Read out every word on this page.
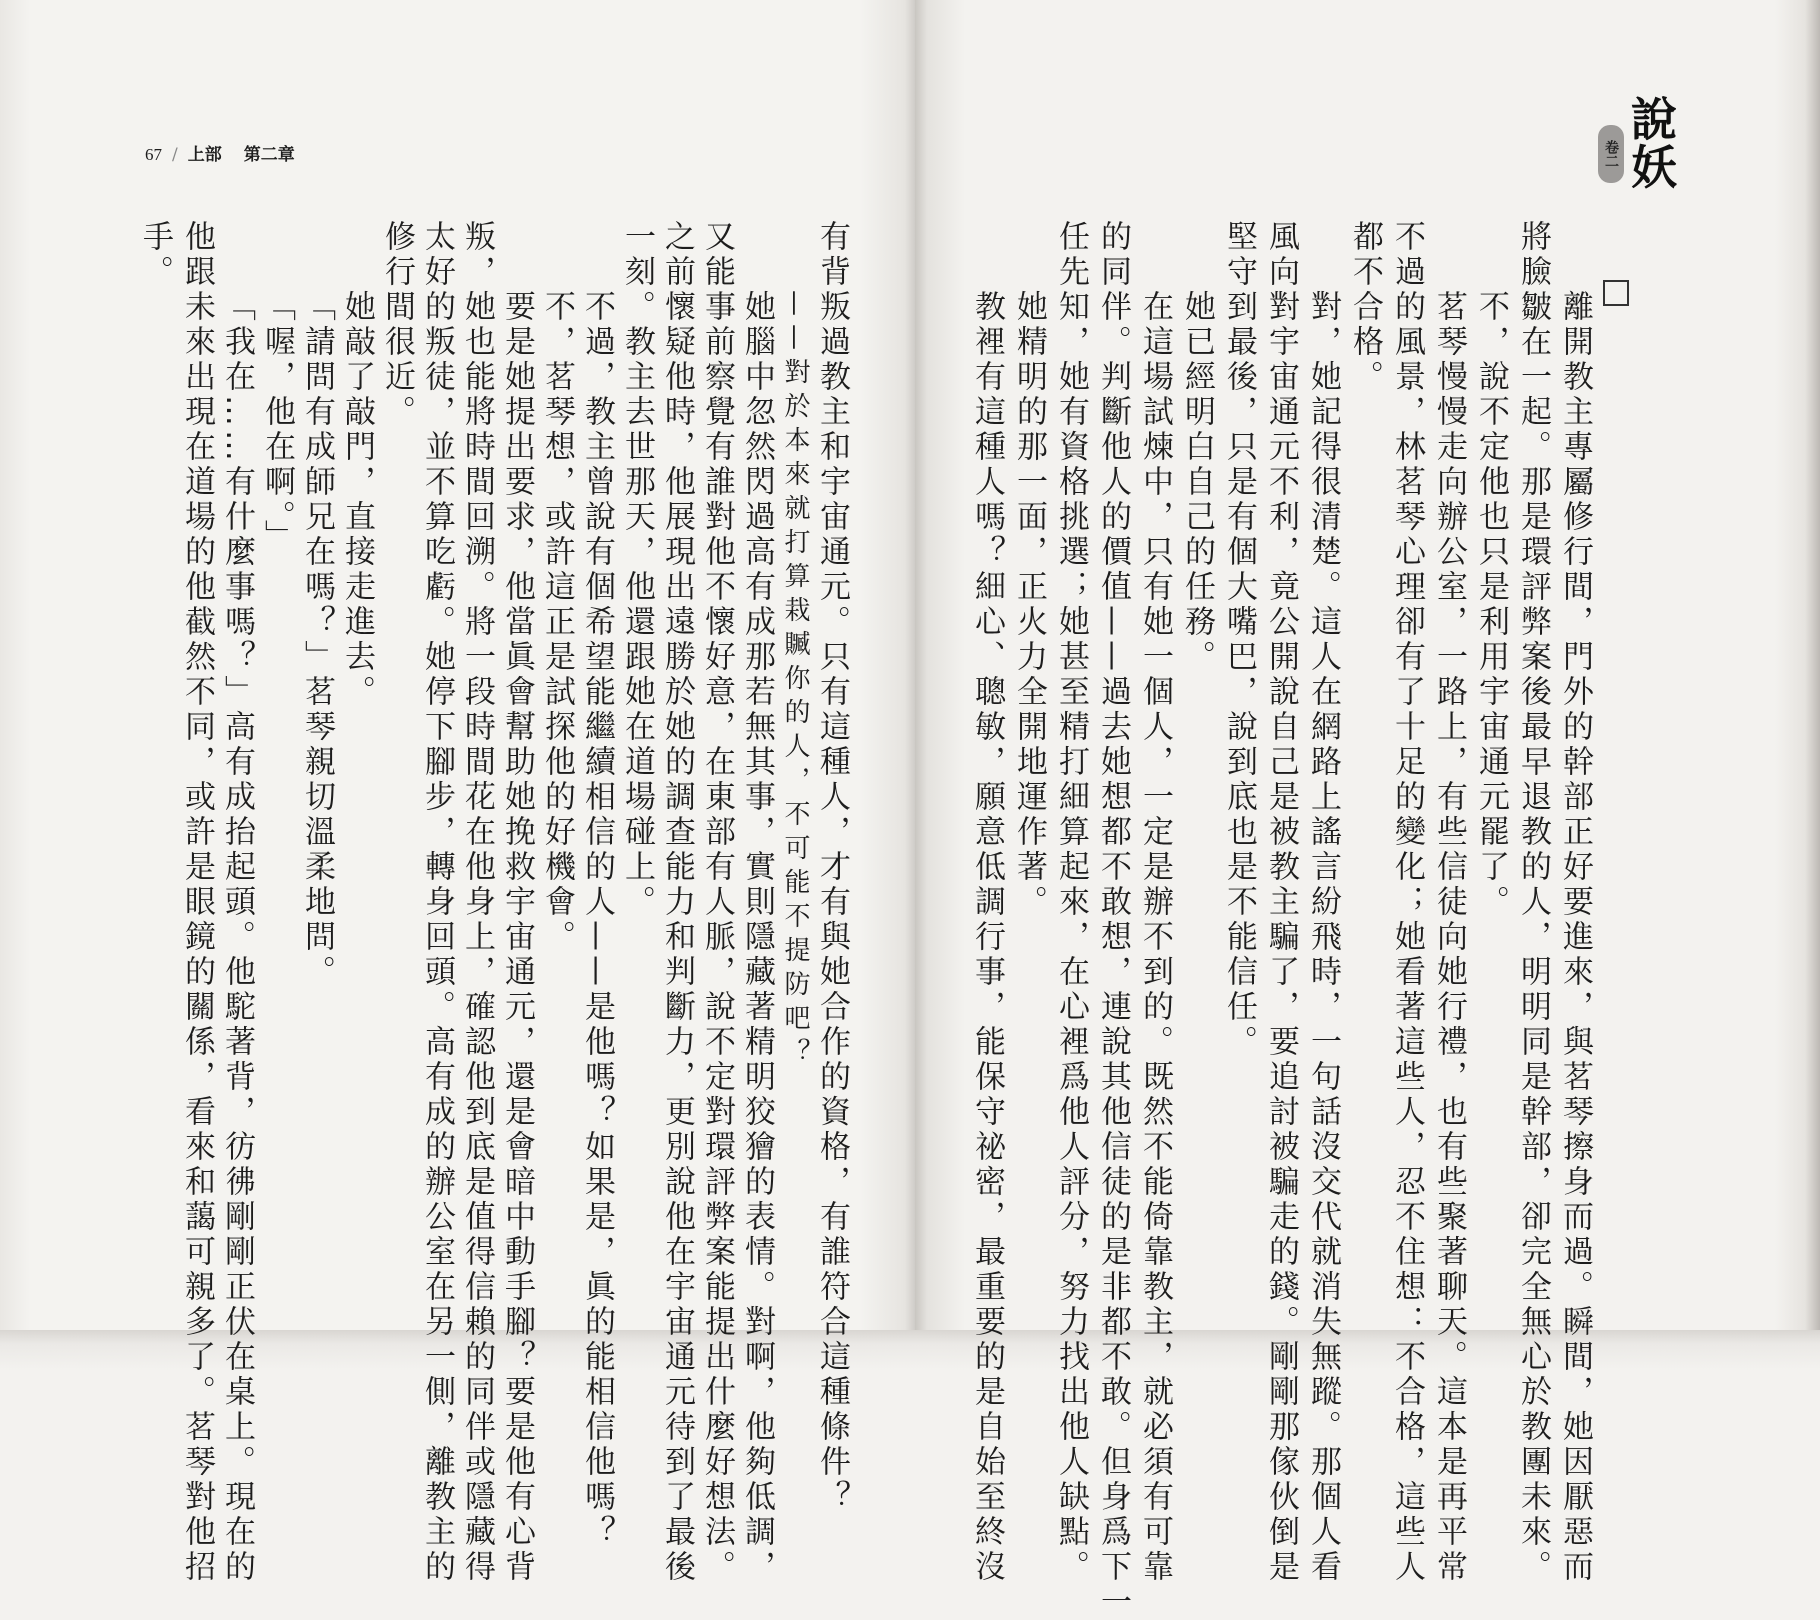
67 / 上部 第二章
有背叛過教主和宇宙通元。只有這種人，才有與她合作的資格，有誰符合這種條件？
——對於本來就打算栽贓你的人，不可能不提防吧？
她腦中忽然閃過高有成那若無其事，實則隱藏著精明狡獪的表情。對啊，他夠低調，
又能事前察覺有誰對他不懷好意，在東部有人脈，說不定對環評弊案能提出什麼好想法。
之前懷疑他時，他展現出遠勝於她的調查能力和判斷力，更別說他在宇宙通元待到了最後
一刻。教主去世那天，他還跟她在道場碰上。
不過，教主曾說有個希望能繼續相信的人——是他嗎？如果是，眞的能相信他嗎？
不，茗琴想，或許這正是試探他的好機會。
要是她提出要求，他當眞會幫助她挽救宇宙通元，還是會暗中動手腳？要是他有心背
叛，她也能將時間回溯。將一段時間花在他身上，確認他到底是值得信賴的同伴或隱藏得
太好的叛徒，並不算吃虧。她停下腳步，轉身回頭。高有成的辦公室在另一側，離教主的
修行間很近。
她敲了敲門，直接走進去。
「請問有成師兄在嗎？」茗琴親切溫柔地問。
「喔，他在啊。」
「我在……有什麼事嗎？」高有成抬起頭。他駝著背，彷彿剛剛正伏在桌上。現在的
他跟未來出現在道場的他截然不同，或許是眼鏡的關係，看來和藹可親多了。茗琴對他招
手。
說妖
卷二
離開教主專屬修行間，門外的幹部正好要進來，與茗琴擦身而過。瞬間，她因厭惡而
將臉皺在一起。那是環評弊案後最早退教的人，明明同是幹部，卻完全無心於教團未來。
不，說不定他也只是利用宇宙通元罷了。
茗琴慢慢走向辦公室，一路上，有些信徒向她行禮，也有些聚著聊天。這本是再平常
不過的風景，林茗琴心理卻有了十足的變化；她看著這些人，忍不住想：不合格，這些人
都不合格。
對，她記得很清楚。這人在網路上謠言紛飛時，一句話沒交代就消失無蹤。那個人看
風向對宇宙通元不利，竟公開說自己是被教主騙了，要追討被騙走的錢。剛剛那傢伙倒是
堅守到最後，只是有個大嘴巴，說到底也是不能信任。
她已經明白自己的任務。
在這場試煉中，只有她一個人，一定是辦不到的。既然不能倚靠教主，就必須有可靠
的同伴。判斷他人的價值——過去她想都不敢想，連說其他信徒的是非都不敢。但身爲下一
任先知，她有資格挑選；她甚至精打細算起來，在心裡爲他人評分，努力找出他人缺點。
她精明的那一面，正火力全開地運作著。
教裡有這種人嗎？細心、聰敏，願意低調行事，能保守祕密，最重要的是自始至終沒
